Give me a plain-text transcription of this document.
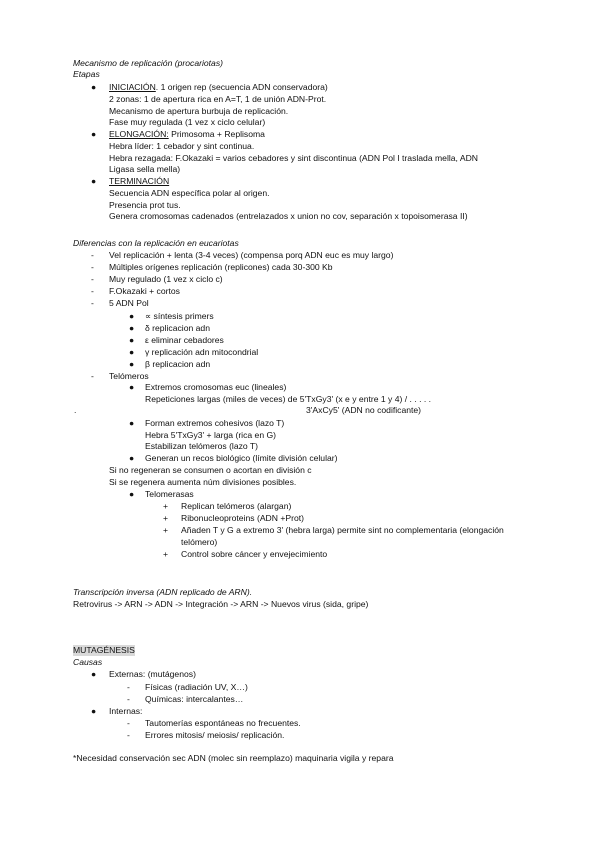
Mecanismo de replicación (procariotas)
Etapas
● INICIACIÓN. 1 origen rep (secuencia ADN conservadora)
2 zonas: 1 de apertura rica en A=T, 1 de unión ADN-Prot.
Mecanismo de apertura burbuja de replicación.
Fase muy regulada (1 vez x ciclo celular)
● ELONGACIÓN: Primosoma + Replisoma
Hebra líder: 1 cebador y sint continua.
Hebra rezagada: F.Okazaki = varios cebadores y sint discontinua (ADN Pol I traslada mella, ADN
Ligasa sella mella)
● TERMINACIÓN
Secuencia ADN específica polar al origen.
Presencia prot tus.
Genera cromosomas cadenados (entrelazados x union no cov, separación x topoisomerasa II)
Diferencias con la replicación en eucariotas
- Vel replicación + lenta (3-4 veces) (compensa porq ADN euc es muy largo)
- Múltiples orígenes replicación (replicones) cada 30-300 Kb
- Muy regulado (1 vez x ciclo c)
- F.Okazaki + cortos
- 5 ADN Pol
● ∝ síntesis primers
● δ replicacion adn
● ε eliminar cebadores
● γ replicación adn mitocondrial
● β replicacion adn
- Telómeros
● Extremos cromosomas euc (lineales)
Repeticiones largas (miles de veces) de 5'TxGy3' (x e y entre 1 y 4) / . . . . .
.	3'AxCy5' (ADN no codificante)
● Forman extremos cohesivos (lazo T)
Hebra 5'TxGy3' + larga (rica en G)
Estabilizan telómeros (lazo T)
● Generan un recos biológico (límite división celular)
Si no regeneran se consumen o acortan en división c
Si se regenera aumenta núm divisiones posibles.
● Telomerasas
+ Replican telómeros (alargan)
+ Ribonucleoproteins (ADN +Prot)
+ Añaden T y G a extremo 3' (hebra larga) permite sint no complementaria (elongación
telómero)
+ Control sobre cáncer y envejecimiento
Transcripción inversa (ADN replicado de ARN).
Retrovirus -> ARN -> ADN -> Integración -> ARN -> Nuevos virus (sida, gripe)
MUTAGÉNESIS
Causas
● Externas: (mutágenos)
- Físicas (radiación UV, X…)
- Químicas: intercalantes…
● Internas:
- Tautomerías espontáneas no frecuentes.
- Errores mitosis/ meiosis/ replicación.
*Necesidad conservación sec ADN (molec sin reemplazo) maquinaria vigila y repara
